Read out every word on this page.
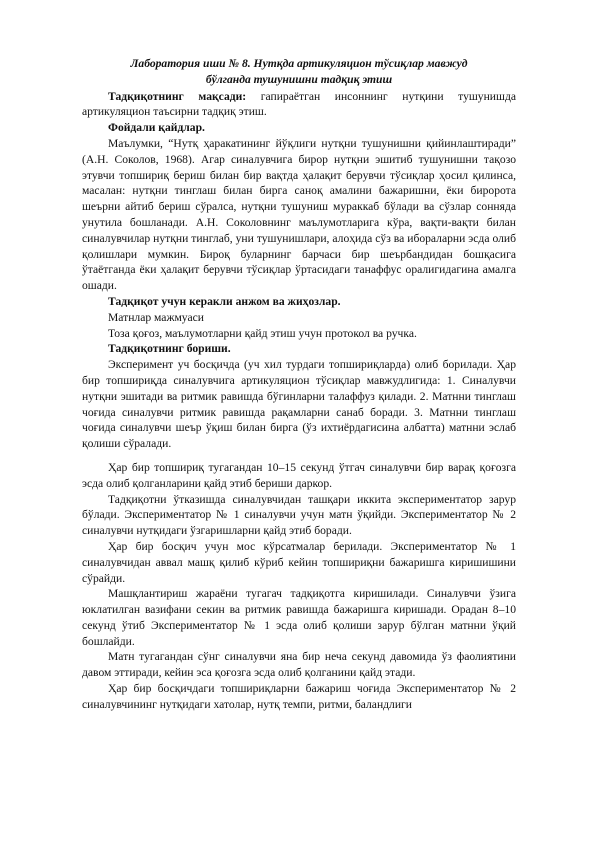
Лаборатория иши № 8. Нутқда артикуляцион тўсиқлар мавжуд
бўлганда тушунишни тадқиқ этиш

Тадқиқотнинг мақсади: гапираётган инсоннинг нутқини тушунишда артикуляцион таъсирни тадқиқ этиш.

Фойдали қайдлар.

Маълумки, “Нутқ ҳаракатининг йўқлиги нутқни тушунишни қийинлаштиради” (А.Н. Соколов, 1968). Агар синалувчига бирор нутқни эшитиб тушунишни тақозо этувчи топшириқ бериш билан бир вақтда ҳалақит берувчи тўсиқлар ҳосил қилинса, масалан: нутқни тинглаш билан бирга саноқ амалини бажаришни, ёки биророта шеърни айтиб бериш сўралса, нутқни тушуниш мураккаб бўлади ва сўзлар сонняда унутила бошланади. А.Н. Соколовнинг маълумотларига кўра, вақти-вақти билан синалувчилар нутқни тинглаб, уни тушунишлари, алоҳида сўз ва ибораларни эсда олиб қолишлари мумкин. Бироқ буларнинг барчаси бир шеърбандидан бошқасига ўтаётганда ёки ҳалақит берувчи тўсиқлар ўртасидаги танаффус оралигидагина амалга ошади.

Тадқиқот учун керакли анжом ва жиҳозлар.

Матнлар мажмуаси

Тоза қоғоз, маълумотларни қайд этиш учун протокол ва ручка.

Тадқиқотнинг бориши.

Эксперимент уч босқичда (уч хил турдаги топшириқларда) олиб борилади. Ҳар бир топшириқда синалувчига артикуляцион тўсиқлар мавжудлигида: 1. Синалувчи нутқни эшитади ва ритмик равишда бўгинларни талаффуз қилади. 2. Матнни тинглаш чоғида синалувчи ритмик равишда рақамларни санаб боради. 3. Матнни тинглаш чоғида синалувчи шеър ўқиш билан бирга (ўз ихтиёрдагисина албатта) матнни эслаб қолиши сўралади.

Ҳар бир топшириқ тугагандан 10–15 секунд ўтгач синалувчи бир варақ қоғозга эсда олиб қолганларини қайд этиб бериши даркор.

Тадқиқотни ўтказишда синалувчидан ташқари иккита экспериментатор зарур бўлади. Экспериментатор № 1 синалувчи учун матн ўқийди. Экспериментатор № 2 синалувчи нутқидаги ўзгаришларни қайд этиб боради.

Ҳар бир босқич учун мос кўрсатмалар берилади. Экспериментатор № 1 синалувчидан аввал машқ қилиб кўриб кейин топшириқни бажаришга киришишини сўрайди.

Машқлантириш жараёни тугагач тадқиқотга киришилади. Синалувчи ўзига юклатилган вазифани секин ва ритмик равишда бажаришга киришади. Орадан 8–10 секунд ўтиб Экспериментатор № 1 эсда олиб қолиши зарур бўлган матнни ўқий бошлайди.

Матн тугагандан сўнг синалувчи яна бир неча секунд давомида ўз фаолиятини давом эттиради, кейин эса қоғозга эсда олиб қолганини қайд этади.

Ҳар бир босқичдаги топшириқларни бажариш чоғида Экспериментатор № 2 синалувчининг нутқидаги хатолар, нутқ темпи, ритми, баландлиги
